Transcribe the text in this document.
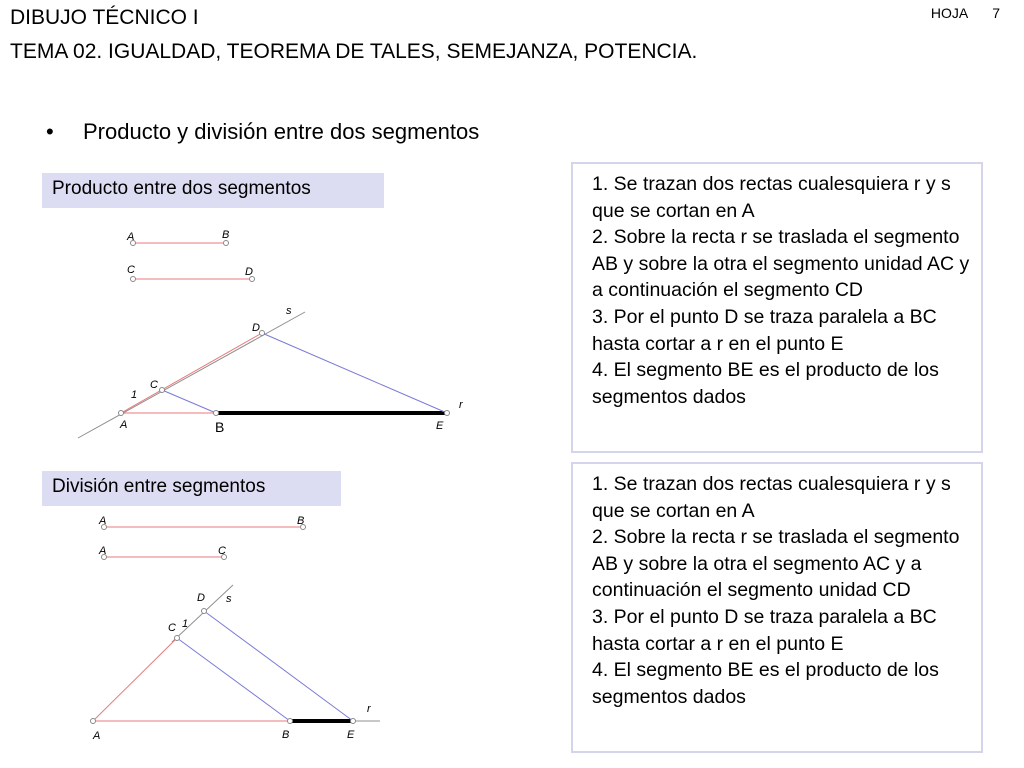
DIBUJO TÉCNICO I
TEMA 02. IGUALDAD, TEOREMA DE TALES, SEMEJANZA, POTENCIA.
HOJA 7
• Producto y división entre dos segmentos
Producto entre dos segmentos	1. Se trazan dos rectas cualesquiera r y s que se cortan en A
2. Sobre la recta r se traslada el segmento AB y sobre la otra el segmento unidad AC y a continuación el segmento CD
3. Por el punto D se traza paralela a BC hasta cortar a r en el punto E
4. El segmento BE es el producto de los segmentos dados
División entre segmentos	1. Se trazan dos rectas cualesquiera r y s que se cortan en A
2. Sobre la recta r se traslada el segmento AB y sobre la otra el segmento AC y a continuación el segmento unidad CD
3. Por el punto D se traza paralela a BC hasta cortar a r en el punto E
4. El segmento BE es el producto de los segmentos dados
A	B
C	D
s
D
C
1
A	B	E
r
A	B
A	C
D s
C 1
r
A	B	E
